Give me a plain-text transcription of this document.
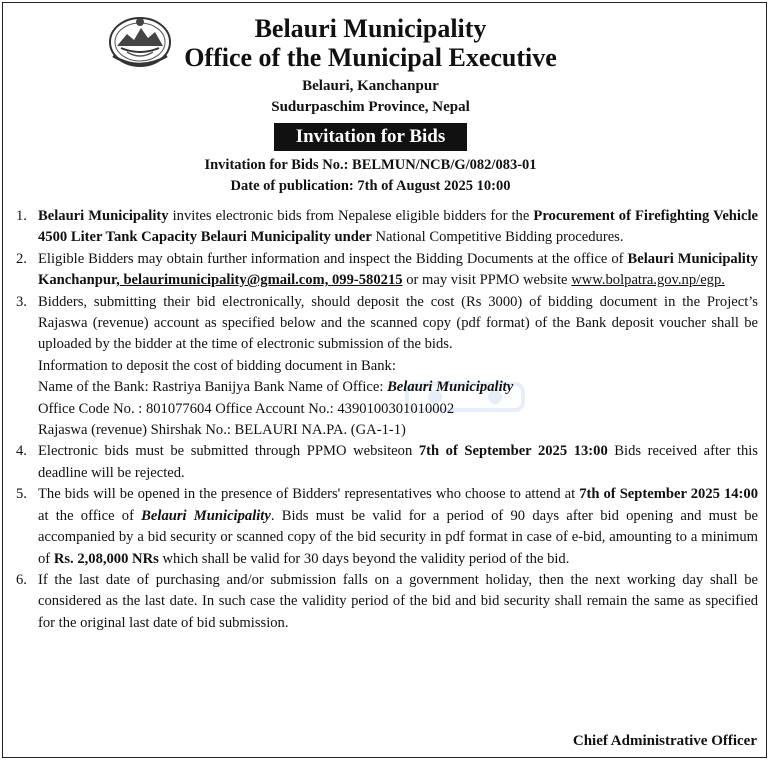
Belauri Municipality
Office of the Municipal Executive
Belauri, Kanchanpur
Sudurpaschim Province, Nepal
Invitation for Bids
Invitation for Bids No.: BELMUN/NCB/G/082/083-01
Date of publication: 7th of August 2025 10:00
1. Belauri Municipality invites electronic bids from Nepalese eligible bidders for the Procurement of Firefighting Vehicle 4500 Liter Tank Capacity Belauri Municipality under National Competitive Bidding procedures.

2. Eligible Bidders may obtain further information and inspect the Bidding Documents at the office of Belauri Municipality Kanchanpur, belaurimunicipality@gmail.com, 099-580215 or may visit PPMO website www.bolpatra.gov.np/egp.

3. Bidders, submitting their bid electronically, should deposit the cost (Rs 3000) of bidding document in the Project’s Rajaswa (revenue) account as specified below and the scanned copy (pdf format) of the Bank deposit voucher shall be uploaded by the bidder at the time of electronic submission of the bids.

Information to deposit the cost of bidding document in Bank:
Name of the Bank: Rastriya Banijya Bank Name of Office: Belauri Municipality
Office Code No. : 801077604 Office Account No.: 4390100301010002
Rajaswa (revenue) Shirshak No.: BELAURI NA.PA. (GA-1-1)
4. Electronic bids must be submitted through PPMO websiteon 7th of September 2025 13:00 Bids received after this deadline will be rejected.

5. The bids will be opened in the presence of Bidders' representatives who choose to attend at 7th of September 2025 14:00 at the office of Belauri Municipality. Bids must be valid for a period of 90 days after bid opening and must be accompanied by a bid security or scanned copy of the bid security in pdf format in case of e-bid, amounting to a minimum of Rs. 2,08,000 NRs which shall be valid for 30 days beyond the validity period of the bid.

6. If the last date of purchasing and/or submission falls on a government holiday, then the next working day shall be considered as the last date. In such case the validity period of the bid and bid security shall remain the same as specified for the original last date of bid submission.

Chief Administrative Officer
